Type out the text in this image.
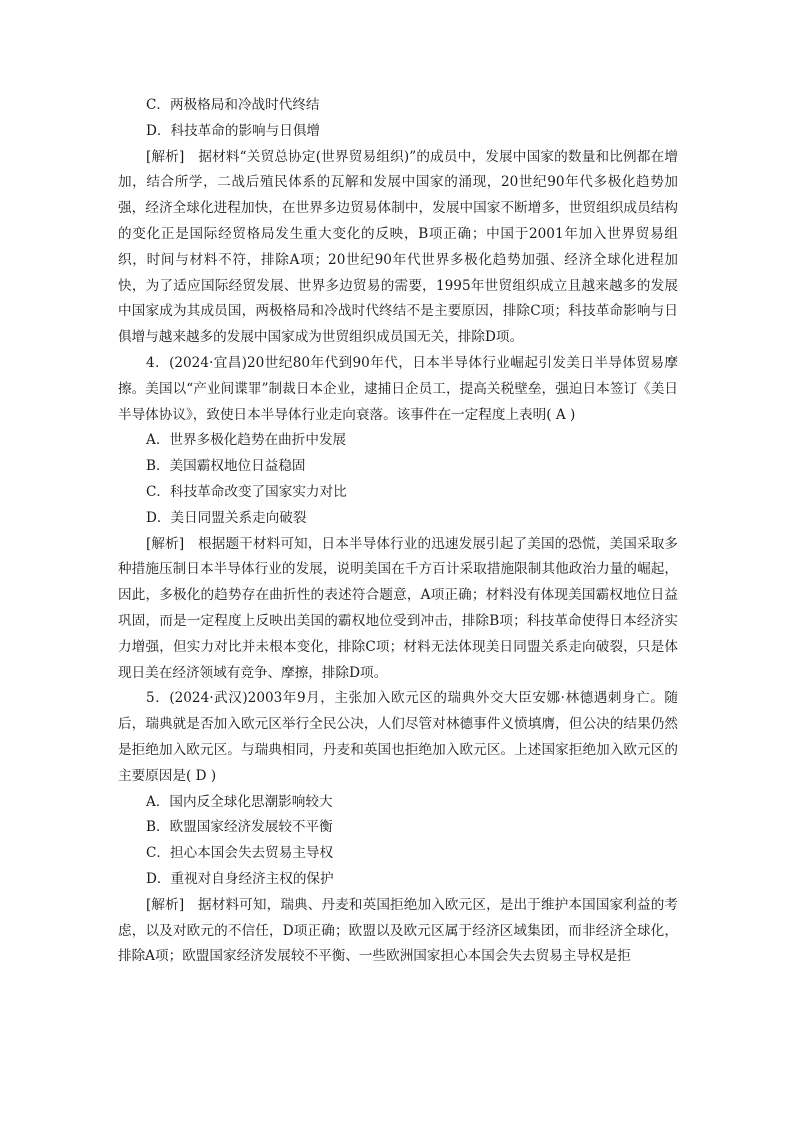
C．两极格局和冷战时代终结
D．科技革命的影响与日俱增
[解析]　 据材料“关贸总协定(世界贸易组织)”的成员中，发展中国家的数量和比例都在增加，结合所学，二战后殖民体系的瓦解和发展中国家的涌现，20世纪90年代多极化趋势加强，经济全球化进程加快，在世界多边贸易体制中，发展中国家不断增多，世贸组织成员结构的变化正是国际经贸格局发生重大变化的反映，B项正确；中国于2001年加入世界贸易组织，时间与材料不符，排除A项；20世纪90年代世界多极化趋势加强、经济全球化进程加快，为了适应国际经贸发展、世界多边贸易的需要，1995年世贸组织成立且越来越多的发展中国家成为其成员国，两极格局和冷战时代终结不是主要原因，排除C项；科技革命影响与日俱增与越来越多的发展中国家成为世贸组织成员国无关，排除D项。
4．(2024·宜昌)20世纪80年代到90年代，日本半导体行业崛起引发美日半导体贸易摩擦。美国以“产业间谍罪”制裁日本企业，逮捕日企员工，提高关税壁垒，强迫日本签订《美日半导体协议》，致使日本半导体行业走向衰落。该事件在一定程度上表明( A )
A．世界多极化趋势在曲折中发展
B．美国霸权地位日益稳固
C．科技革命改变了国家实力对比
D．美日同盟关系走向破裂
[解析]　 根据题干材料可知，日本半导体行业的迅速发展引起了美国的恐慌，美国采取多种措施压制日本半导体行业的发展，说明美国在千方百计采取措施限制其他政治力量的崛起，因此，多极化的趋势存在曲折性的表述符合题意，A项正确；材料没有体现美国霸权地位日益巩固，而是一定程度上反映出美国的霸权地位受到冲击，排除B项；科技革命使得日本经济实力增强，但实力对比并未根本变化，排除C项；材料无法体现美日同盟关系走向破裂，只是体现日美在经济领域有竞争、摩擦，排除D项。
5．(2024·武汉)2003年9月，主张加入欧元区的瑞典外交大臣安娜·林德遇刺身亡。随后，瑞典就是否加入欧元区举行全民公决，人们尽管对林德事件义愤填膺，但公决的结果仍然是拒绝加入欧元区。与瑞典相同，丹麦和英国也拒绝加入欧元区。上述国家拒绝加入欧元区的主要原因是( D )
A．国内反全球化思潮影响较大
B．欧盟国家经济发展较不平衡
C．担心本国会失去贸易主导权
D．重视对自身经济主权的保护
[解析]　 据材料可知，瑞典、丹麦和英国拒绝加入欧元区，是出于维护本国国家利益的考虑，以及对欧元的不信任，D项正确；欧盟以及欧元区属于经济区域集团，而非经济全球化，排除A项；欧盟国家经济发展较不平衡、一些欧洲国家担心本国会失去贸易主导权是拒
